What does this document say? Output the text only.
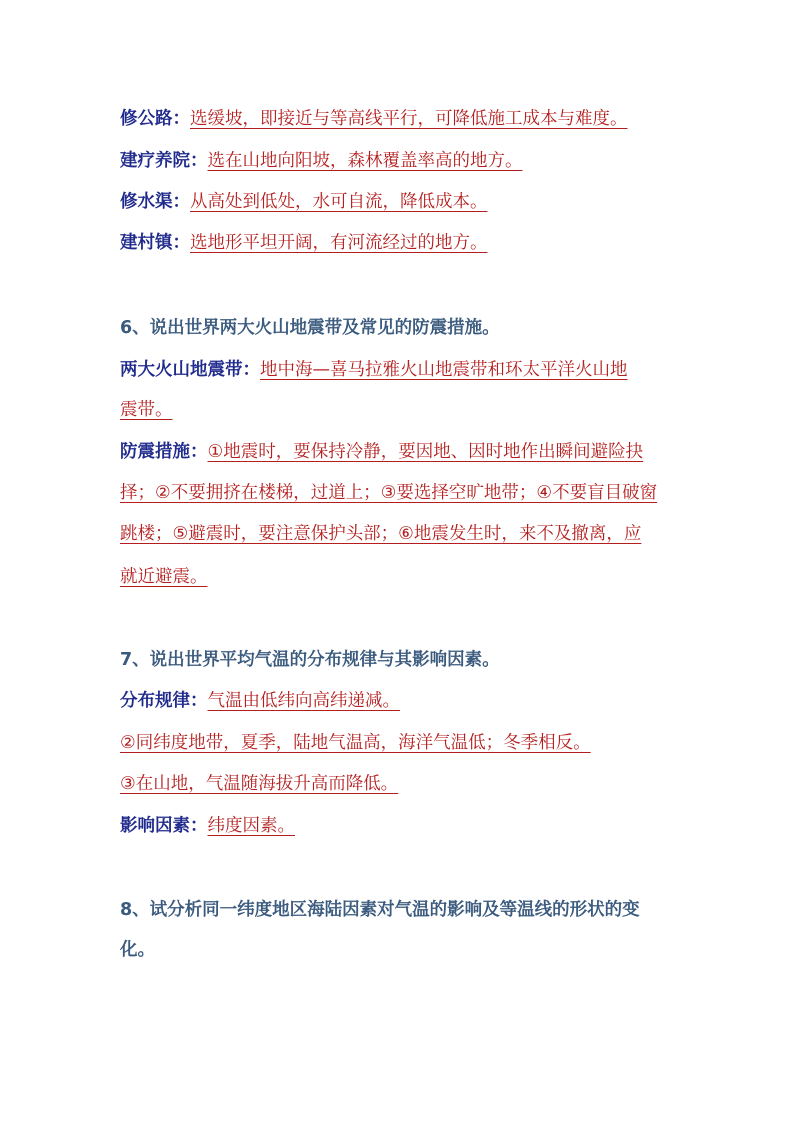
修公路：选缓坡，即接近与等高线平行，可降低施工成本与难度。
建疗养院：选在山地向阳坡，森林覆盖率高的地方。
修水渠：从高处到低处，水可自流，降低成本。
建村镇：选地形平坦开阔，有河流经过的地方。
6、说出世界两大火山地震带及常见的防震措施。
两大火山地震带：地中海—喜马拉雅火山地震带和环太平洋火山地
震带。
防震措施：①地震时，要保持冷静，要因地、因时地作出瞬间避险抉
择；②不要拥挤在楼梯，过道上；③要选择空旷地带；④不要盲目破窗
跳楼；⑤避震时，要注意保护头部；⑥地震发生时，来不及撤离，应
就近避震。
7、说出世界平均气温的分布规律与其影响因素。
分布规律：气温由低纬向高纬递减。
②同纬度地带，夏季，陆地气温高，海洋气温低；冬季相反。
③在山地，气温随海拔升高而降低。
影响因素：纬度因素。
8、试分析同一纬度地区海陆因素对气温的影响及等温线的形状的变
化。
